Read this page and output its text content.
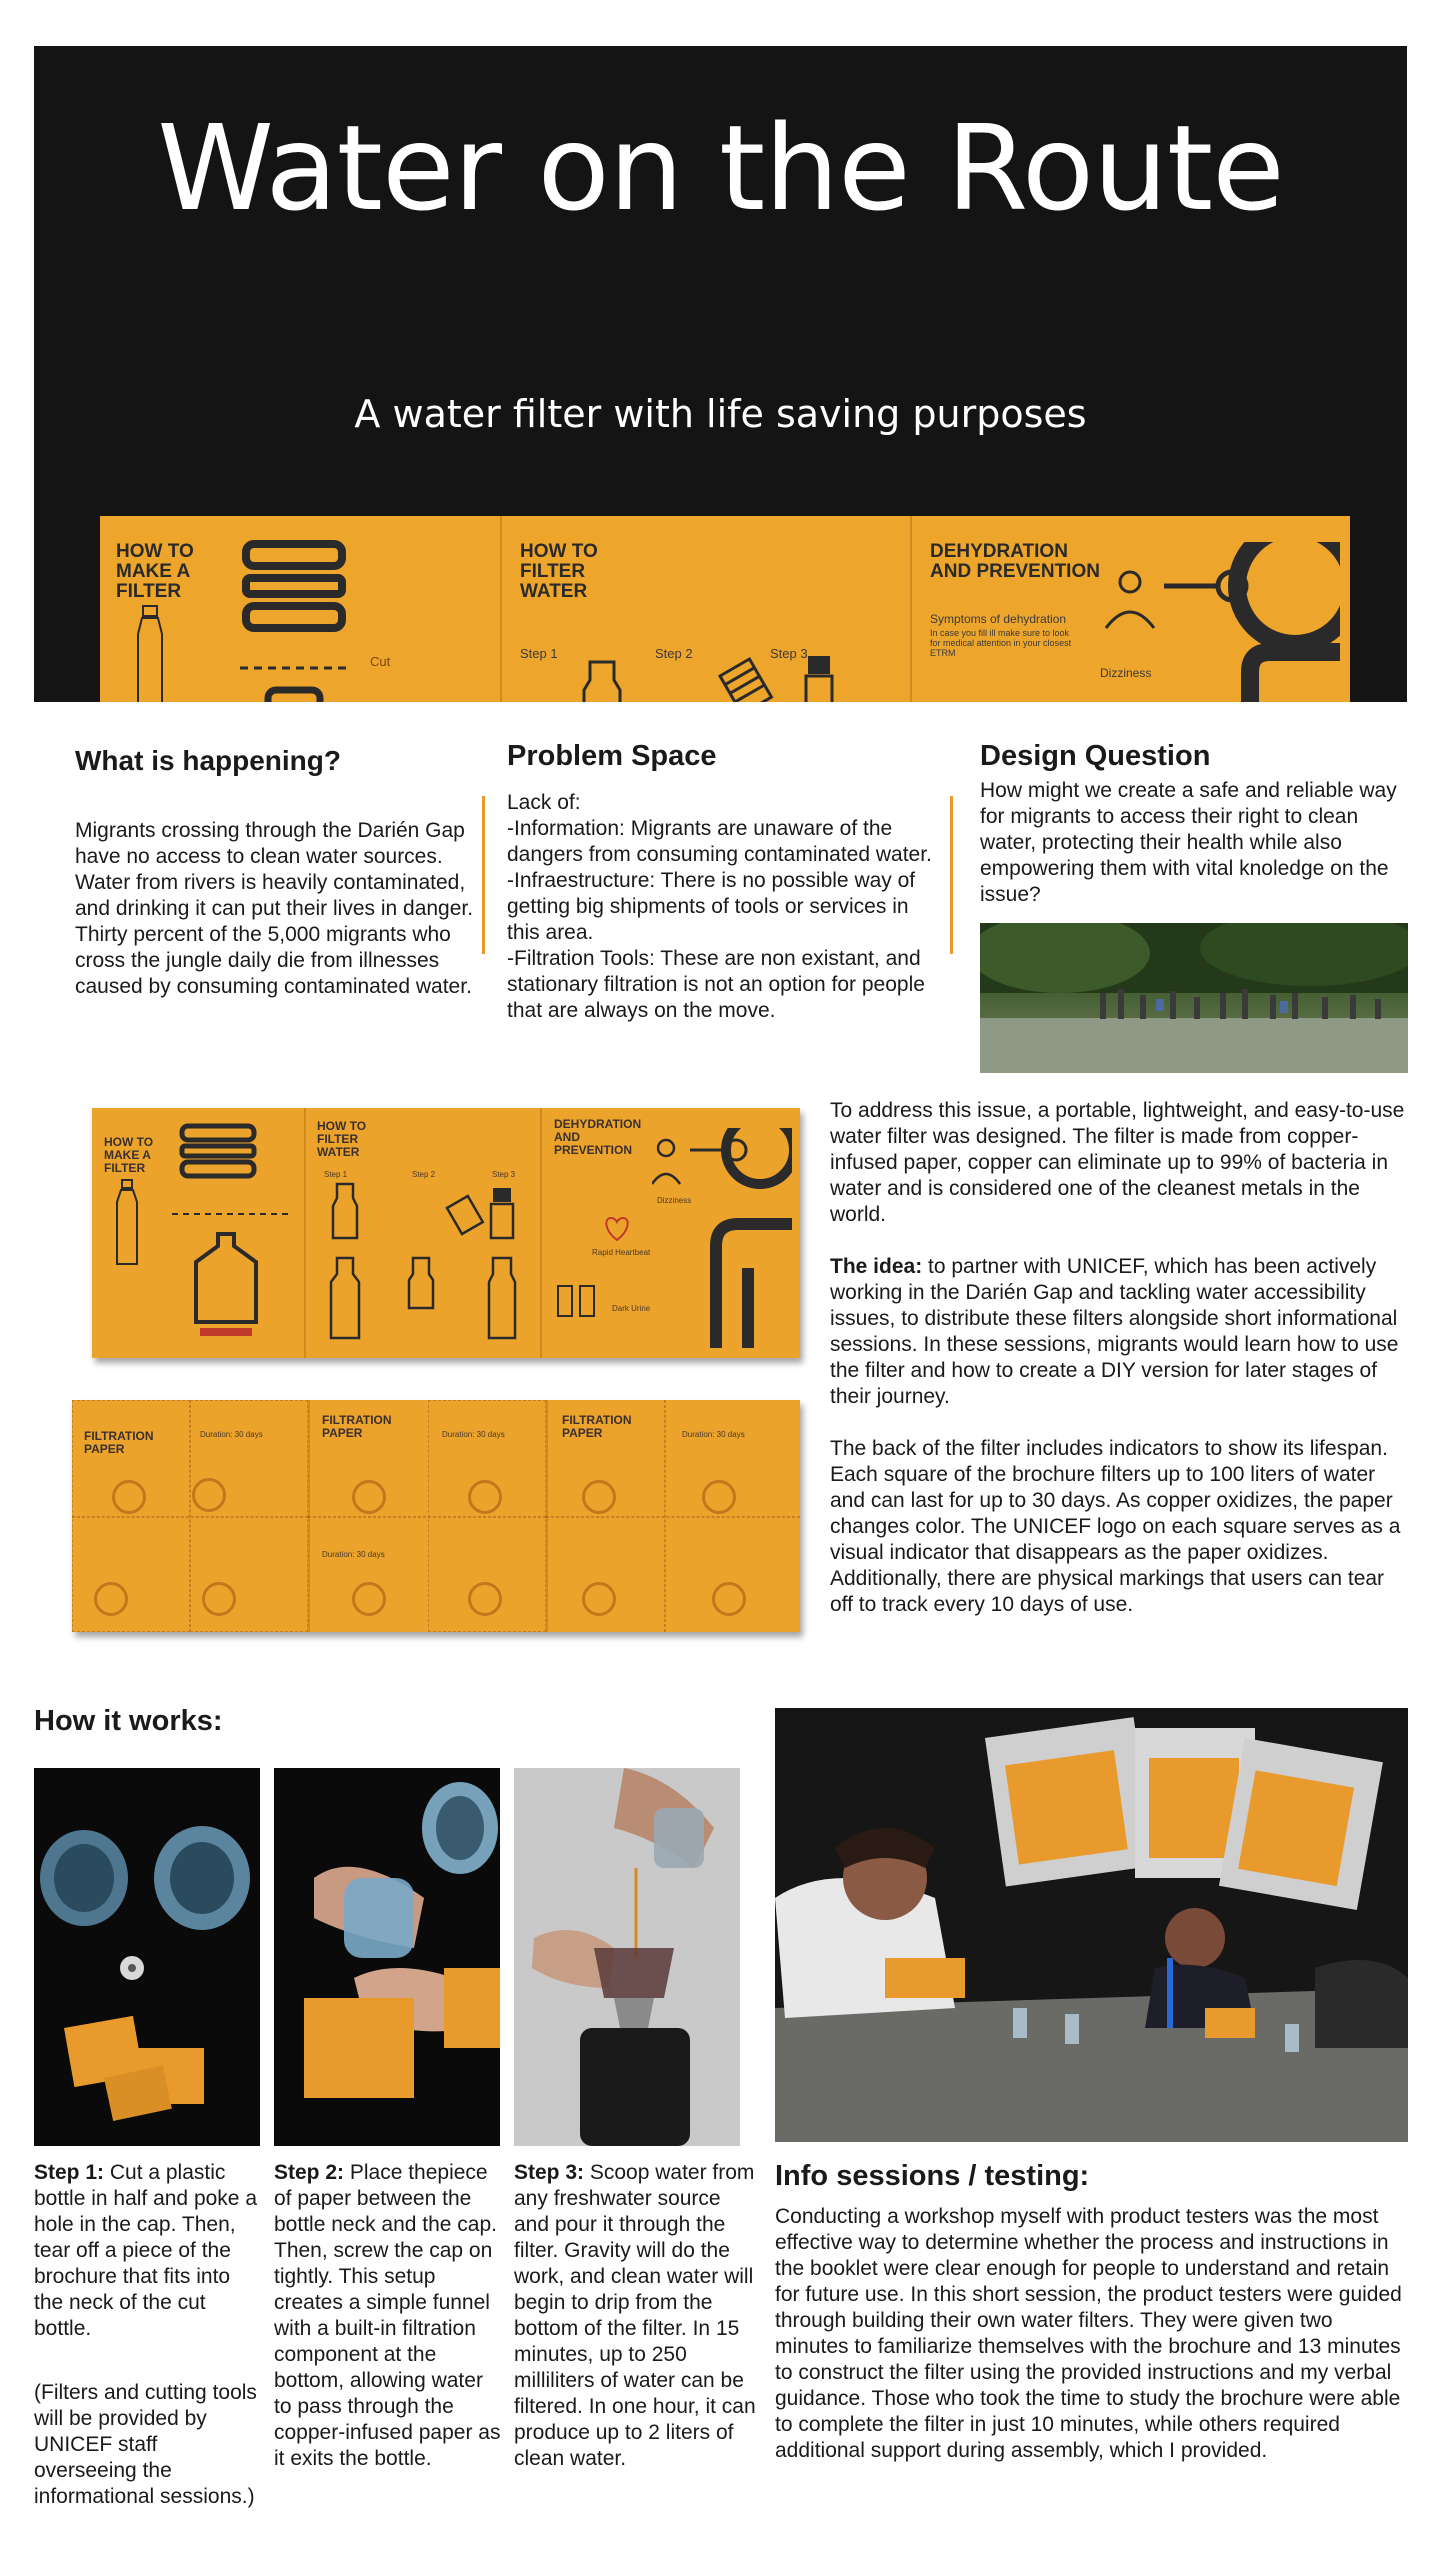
Water on the Route
A water filter with life saving purposes
HOW TO MAKE A FILTER
Cut
HOW TO FILTER WATER
Step 1	Step 2	Step 3
DEHYDRATION AND PREVENTION
Symptoms of dehydration
In case you fill ill make sure to look for medical attention in your closest ETRM
Dizziness
What is happening?

Migrants crossing through the Darién Gap have no access to clean water sources. Water from rivers is heavily contaminated, and drinking it can put their lives in danger. Thirty percent of the 5,000 migrants who cross the jungle daily die from illnesses caused by consuming contaminated water.

Problem Space
Lack of:
-Information: Migrants are unaware of the dangers from consuming contaminated water.
-Infraestructure: There is no possible way of getting big shipments of tools or services in this area.
-Filtration Tools: These are non existant, and stationary filtration is not an option for people that are always on the move.
Design Question

How might we create a safe and reliable way for migrants to access their right to clean water, protecting their health while also empowering them with vital knoledge on the issue?

HOW TO MAKE A FILTER
HOW TO FILTER WATER
Step 1	Step 2	Step 3
DEHYDRATION AND PREVENTION
Dizziness
Rapid Heartbeat
Dark Urine
FILTRATION PAPER
FILTRATION PAPER
FILTRATION PAPER
Duration: 30 days	Duration: 30 days	Duration: 30 days
Duration: 30 days

To address this issue, a portable, lightweight, and easy-to-use water filter was designed. The filter is made from copper-infused paper, copper can eliminate up to 99% of bacteria in water and is considered one of the cleanest metals in the world.

The idea: to partner with UNICEF, which has been actively working in the Darién Gap and tackling water accessibility issues, to distribute these filters alongside short informational sessions. In these sessions, migrants would learn how to use the filter and how to create a DIY version for later stages of their journey.

The back of the filter includes indicators to show its lifespan. Each square of the brochure filters up to 100 liters of water and can last for up to 30 days. As copper oxidizes, the paper changes color. The UNICEF logo on each square serves as a visual indicator that disappears as the paper oxidizes. Additionally, there are physical markings that users can tear off to track every 10 days of use.

How it works:

Step 1: Cut a plastic bottle in half and poke a hole in the cap. Then, tear off a piece of the brochure that fits into the neck of the cut bottle.

(Filters and cutting tools will be provided by UNICEF staff overseeing the informational sessions.)

Step 2: Place thepiece of paper between the bottle neck and the cap. Then, screw the cap on tightly. This setup creates a simple funnel with a built-in filtration component at the bottom, allowing water to pass through the copper-infused paper as it exits the bottle.

Step 3: Scoop water from any freshwater source and pour it through the filter. Gravity will do the work, and clean water will begin to drip from the bottom of the filter. In 15 minutes, up to 250 milliliters of water can be filtered. In one hour, it can produce up to 2 liters of clean water.

Info sessions / testing:

Conducting a workshop myself with product testers was the most effective way to determine whether the process and instructions in the booklet were clear enough for people to understand and retain for future use. In this short session, the product testers were guided through building their own water filters. They were given two minutes to familiarize themselves with the brochure and 13 minutes to construct the filter using the provided instructions and my verbal guidance. Those who took the time to study the brochure were able to complete the filter in just 10 minutes, while others required additional support during assembly, which I provided.
